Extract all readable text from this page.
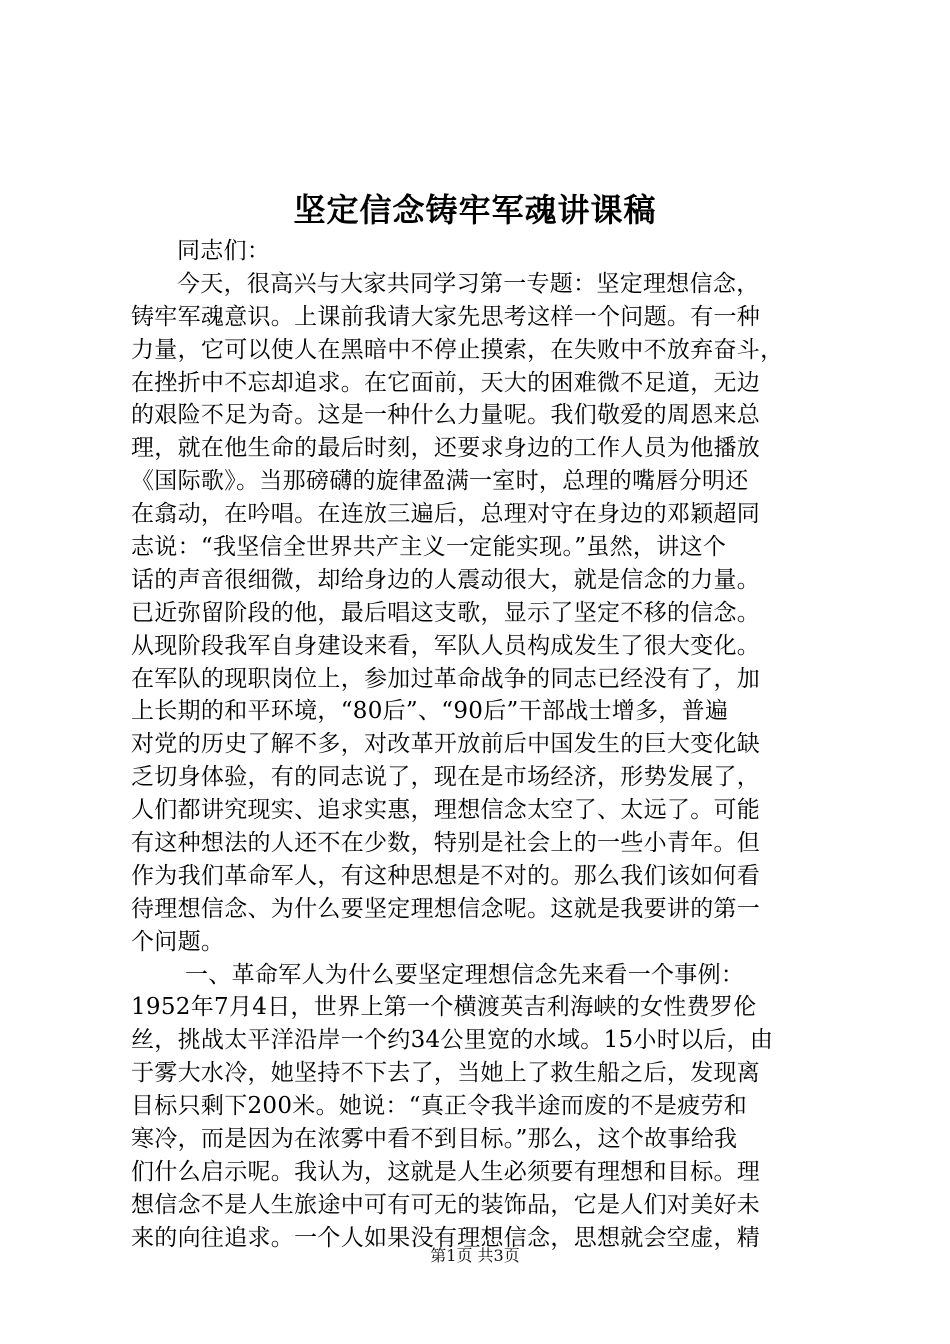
坚定信念铸牢军魂讲课稿
同志们：
今天，很高兴与大家共同学习第一专题：坚定理想信念，
铸牢军魂意识。上课前我请大家先思考这样一个问题。有一种
力量，它可以使人在黑暗中不停止摸索，在失败中不放弃奋斗，
在挫折中不忘却追求。在它面前，天大的困难微不足道，无边
的艰险不足为奇。这是一种什么力量呢。我们敬爱的周恩来总
理，就在他生命的最后时刻，还要求身边的工作人员为他播放
《国际歌》。当那磅礴的旋律盈满一室时，总理的嘴唇分明还
在翕动，在吟唱。在连放三遍后，总理对守在身边的邓颖超同
志说：“我坚信全世界共产主义一定能实现。”虽然，讲这个
话的声音很细微，却给身边的人震动很大，就是信念的力量。
已近弥留阶段的他，最后唱这支歌，显示了坚定不移的信念。
从现阶段我军自身建设来看，军队人员构成发生了很大变化。
在军队的现职岗位上，参加过革命战争的同志已经没有了，加
上长期的和平环境，“80后”、“90后”干部战士增多，普遍
对党的历史了解不多，对改革开放前后中国发生的巨大变化缺
乏切身体验，有的同志说了，现在是市场经济，形势发展了，
人们都讲究现实、追求实惠，理想信念太空了、太远了。可能
有这种想法的人还不在少数，特别是社会上的一些小青年。但
作为我们革命军人，有这种思想是不对的。那么我们该如何看
待理想信念、为什么要坚定理想信念呢。这就是我要讲的第一
个问题。
一、革命军人为什么要坚定理想信念先来看一个事例：
1952年7月4日，世界上第一个横渡英吉利海峡的女性费罗伦
丝，挑战太平洋沿岸一个约34公里宽的水域。15小时以后，由
于雾大水冷，她坚持不下去了，当她上了救生船之后，发现离
目标只剩下200米。她说：“真正令我半途而废的不是疲劳和
寒冷，而是因为在浓雾中看不到目标。”那么，这个故事给我
们什么启示呢。我认为，这就是人生必须要有理想和目标。理
想信念不是人生旅途中可有可无的装饰品，它是人们对美好未
来的向往追求。一个人如果没有理想信念，思想就会空虚，精
第1页 共3页
